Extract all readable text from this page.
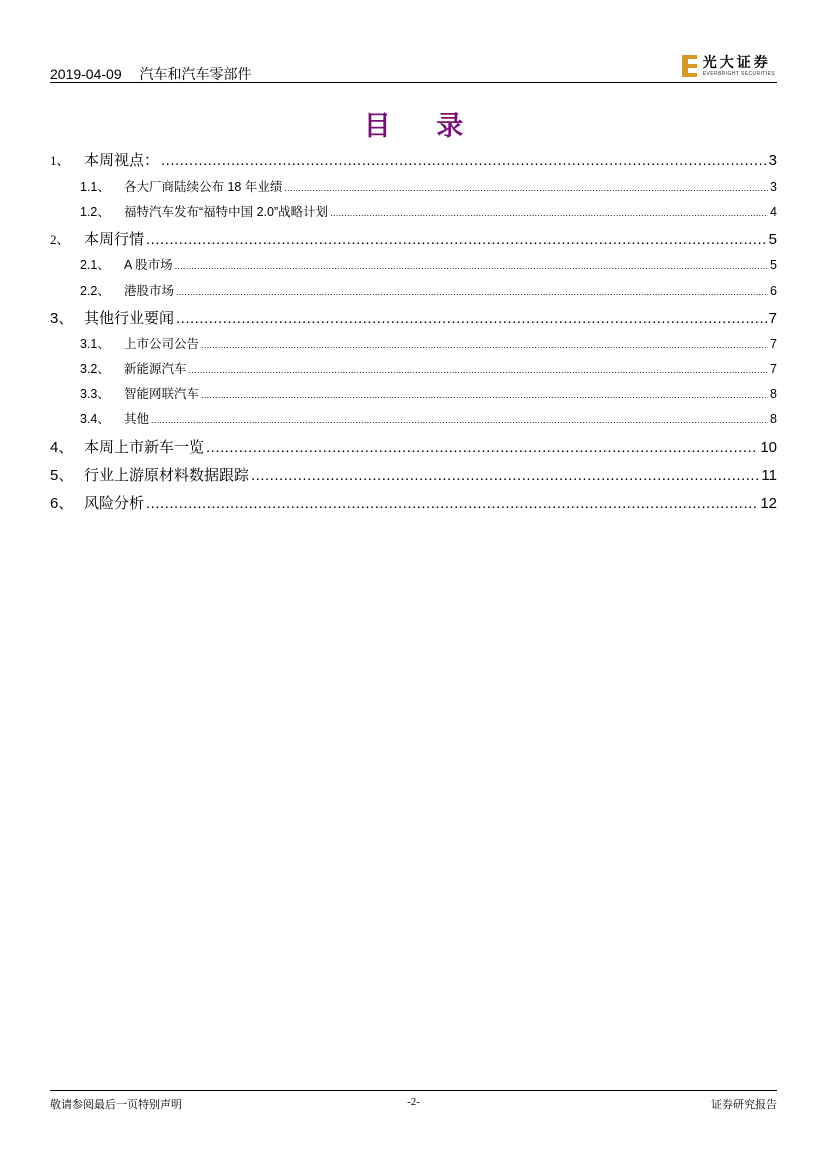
2019-04-09 汽车和汽车零部件
光大证券
EVERBRIGHT SECURITIES
目 录
1、 本周视点： .....	3
1.1、	各大厂商陆续公布 18 年业绩 .....	3
1.2、	福特汽车发布“福特中国 2.0”战略计划 .....	4
2、 本周行情 .....	5
2.1、	A 股市场 .....	5
2.2、	港股市场 .....	6
3、 其他行业要闻 .....	7
3.1、	上市公司公告 .....	7
3.2、	新能源汽车 .....	7
3.3、	智能网联汽车 .....	8
3.4、	其他 .....	8
4、 本周上市新车一览 .....	10
5、 行业上游原材料数据跟踪 .....	11
6、 风险分析 .....	12
敬请参阅最后一页特别声明	-2-	证券研究报告
